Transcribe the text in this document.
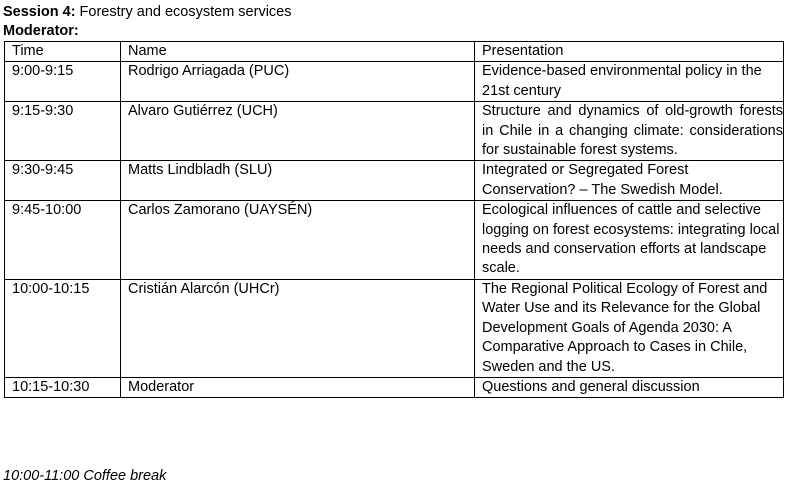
Session 4: Forestry and ecosystem services
Moderator:
Time	Name	Presentation
9:00-9:15	Rodrigo Arriagada (PUC)	Evidence-based environmental policy in the 21st century
9:15-9:30	Alvaro Gutiérrez (UCH)	Structure and dynamics of old-growth forests in Chile in a changing climate: considerations for sustainable forest systems.
9:30-9:45	Matts Lindbladh (SLU)	Integrated or Segregated Forest Conservation? – The Swedish Model.
9:45-10:00	Carlos Zamorano (UAYSÉN)	Ecological influences of cattle and selective logging on forest ecosystems: integrating local needs and conservation efforts at landscape scale.
10:00-10:15	Cristián Alarcón (UHCr)	The Regional Political Ecology of Forest and Water Use and its Relevance for the Global Development Goals of Agenda 2030: A Comparative Approach to Cases in Chile, Sweden and the US.
10:15-10:30	Moderator	Questions and general discussion
10:00-11:00 Coffee break
